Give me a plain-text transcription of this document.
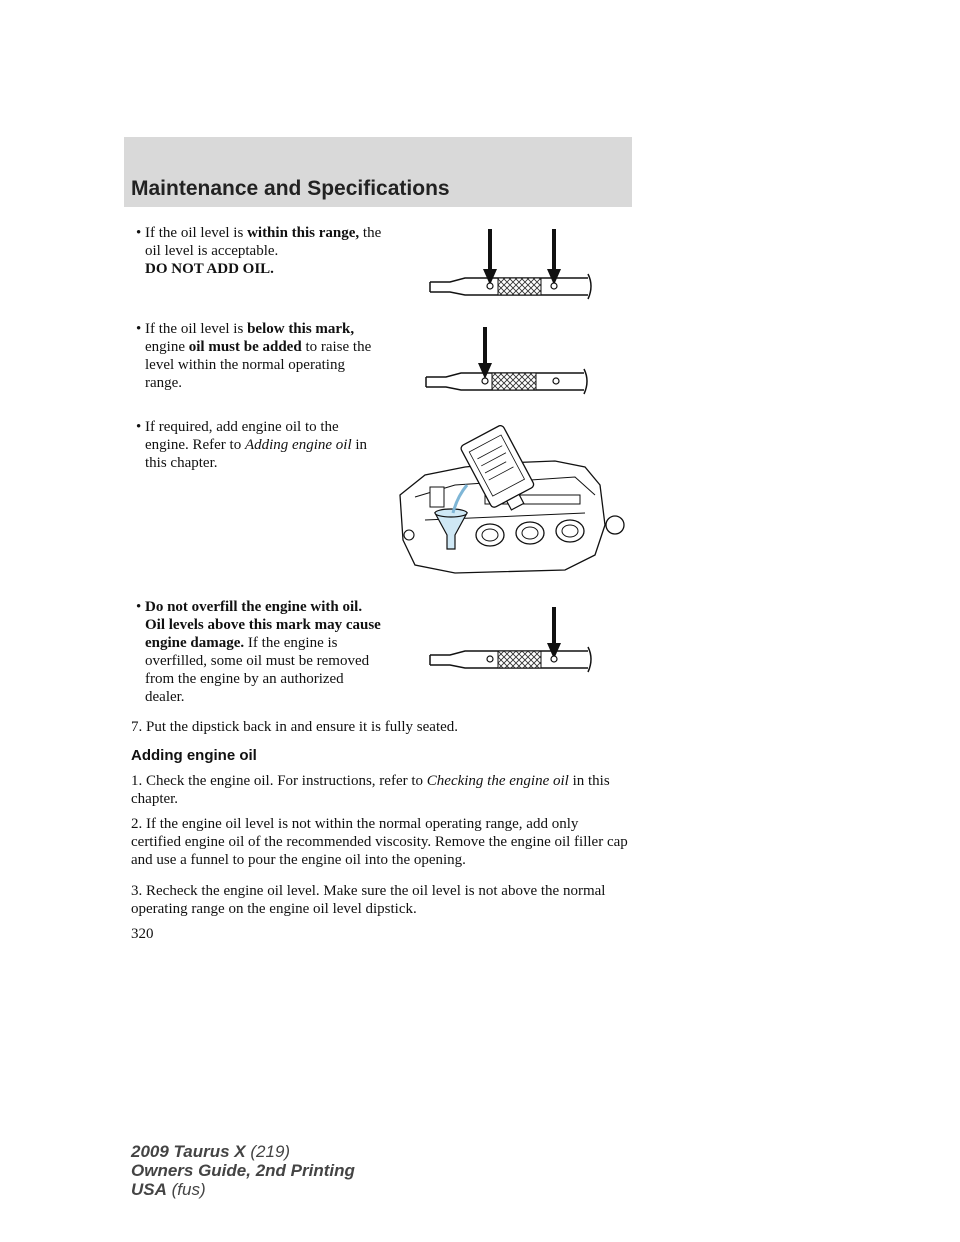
Maintenance and Specifications
• If the oil level is within this range, the oil level is acceptable.
DO NOT ADD OIL.
• If the oil level is below this mark, engine oil must be added to raise the level within the normal operating range.
• If required, add engine oil to the engine. Refer to Adding engine oil in this chapter.
• Do not overfill the engine with oil. Oil levels above this mark may cause engine damage. If the engine is overfilled, some oil must be removed from the engine by an authorized dealer.
7. Put the dipstick back in and ensure it is fully seated.
Adding engine oil
1. Check the engine oil. For instructions, refer to Checking the engine oil in this chapter.
2. If the engine oil level is not within the normal operating range, add only certified engine oil of the recommended viscosity. Remove the engine oil filler cap and use a funnel to pour the engine oil into the opening.
3. Recheck the engine oil level. Make sure the oil level is not above the normal operating range on the engine oil level dipstick.
320
2009 Taurus X (219)
Owners Guide, 2nd Printing
USA (fus)
